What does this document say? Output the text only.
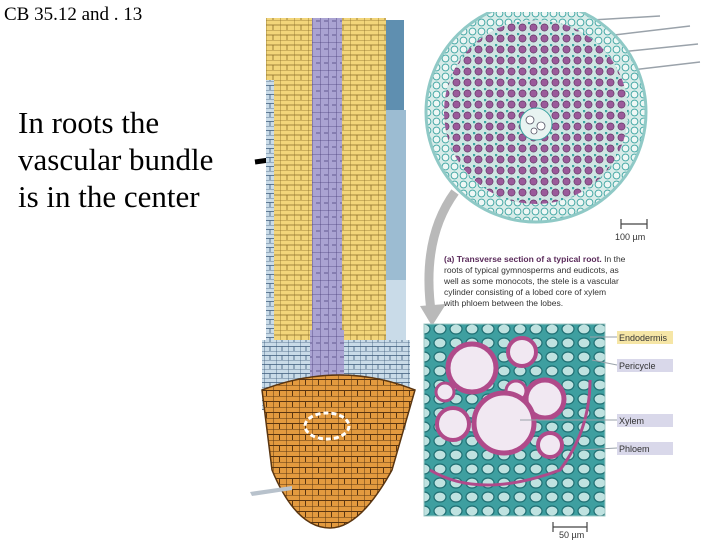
CB 35.12 and . 13
In roots the
vascular bundle
is in the center
100 µm
(a) Transverse section of a typical root. In the
roots of typical gymnosperms and eudicots, as
well as some monocots, the stele is a vascular
cylinder consisting of a lobed core of xylem
with phloem between the lobes.
50 µm
Endodermis
Pericycle
Xylem
Phloem
